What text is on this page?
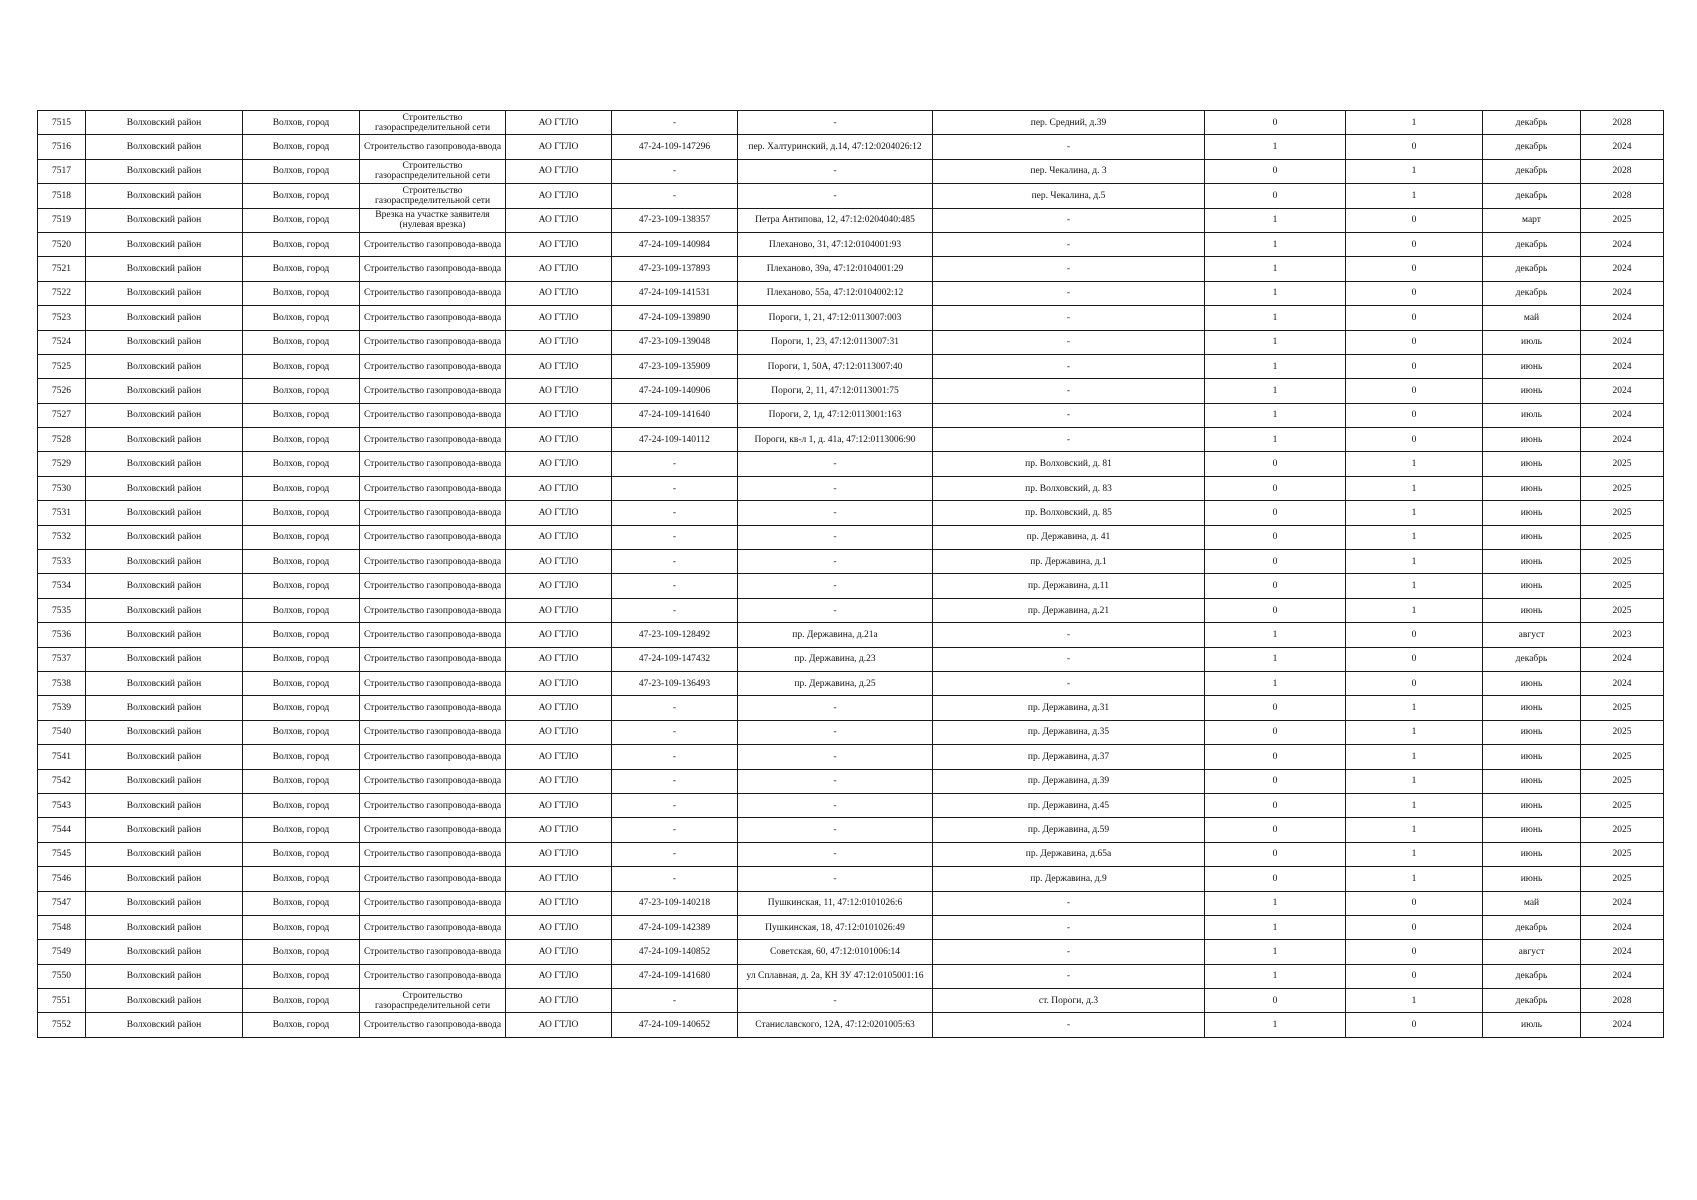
7515	Волховский район	Волхов, город	Строительство газораспределительной сети	АО ГТЛО	-	-	пер. Средний, д.39	0	1	декабрь	2028
7516	Волховский район	Волхов, город	Строительство газопровода-ввода	АО ГТЛО	47-24-109-147296	пер. Халтуринский, д.14, 47:12:0204026:12	-	1	0	декабрь	2024
7517	Волховский район	Волхов, город	Строительство газораспределительной сети	АО ГТЛО	-	-	пер. Чекалина, д. 3	0	1	декабрь	2028
7518	Волховский район	Волхов, город	Строительство газораспределительной сети	АО ГТЛО	-	-	пер. Чекалина, д.5	0	1	декабрь	2028
7519	Волховский район	Волхов, город	Врезка на участке заявителя (нулевая врезка)	АО ГТЛО	47-23-109-138357	Петра Антипова, 12, 47:12:0204040:485	-	1	0	март	2025
7520	Волховский район	Волхов, город	Строительство газопровода-ввода	АО ГТЛО	47-24-109-140984	Плеханово, 31, 47:12:0104001:93	-	1	0	декабрь	2024
7521	Волховский район	Волхов, город	Строительство газопровода-ввода	АО ГТЛО	47-23-109-137893	Плеханово, 39а, 47:12:0104001:29	-	1	0	декабрь	2024
7522	Волховский район	Волхов, город	Строительство газопровода-ввода	АО ГТЛО	47-24-109-141531	Плеханово, 55а, 47:12:0104002:12	-	1	0	декабрь	2024
7523	Волховский район	Волхов, город	Строительство газопровода-ввода	АО ГТЛО	47-24-109-139890	Пороги, 1, 21, 47:12:0113007:003	-	1	0	май	2024
7524	Волховский район	Волхов, город	Строительство газопровода-ввода	АО ГТЛО	47-23-109-139048	Пороги, 1, 23, 47:12:0113007:31	-	1	0	июль	2024
7525	Волховский район	Волхов, город	Строительство газопровода-ввода	АО ГТЛО	47-23-109-135909	Пороги, 1, 50А, 47:12:0113007:40	-	1	0	июнь	2024
7526	Волховский район	Волхов, город	Строительство газопровода-ввода	АО ГТЛО	47-24-109-140906	Пороги, 2, 11, 47:12:0113001:75	-	1	0	июнь	2024
7527	Волховский район	Волхов, город	Строительство газопровода-ввода	АО ГТЛО	47-24-109-141640	Пороги, 2, 1д, 47:12:0113001:163	-	1	0	июль	2024
7528	Волховский район	Волхов, город	Строительство газопровода-ввода	АО ГТЛО	47-24-109-140112	Пороги, кв-л 1, д. 41а, 47:12:0113006:90	-	1	0	июнь	2024
7529	Волховский район	Волхов, город	Строительство газопровода-ввода	АО ГТЛО	-	-	пр. Волховский, д. 81	0	1	июнь	2025
7530	Волховский район	Волхов, город	Строительство газопровода-ввода	АО ГТЛО	-	-	пр. Волховский, д. 83	0	1	июнь	2025
7531	Волховский район	Волхов, город	Строительство газопровода-ввода	АО ГТЛО	-	-	пр. Волховский, д. 85	0	1	июнь	2025
7532	Волховский район	Волхов, город	Строительство газопровода-ввода	АО ГТЛО	-	-	пр. Державина, д. 41	0	1	июнь	2025
7533	Волховский район	Волхов, город	Строительство газопровода-ввода	АО ГТЛО	-	-	пр. Державина, д.1	0	1	июнь	2025
7534	Волховский район	Волхов, город	Строительство газопровода-ввода	АО ГТЛО	-	-	пр. Державина, д.11	0	1	июнь	2025
7535	Волховский район	Волхов, город	Строительство газопровода-ввода	АО ГТЛО	-	-	пр. Державина, д.21	0	1	июнь	2025
7536	Волховский район	Волхов, город	Строительство газопровода-ввода	АО ГТЛО	47-23-109-128492	пр. Державина, д.21а	-	1	0	август	2023
7537	Волховский район	Волхов, город	Строительство газопровода-ввода	АО ГТЛО	47-24-109-147432	пр. Державина, д.23	-	1	0	декабрь	2024
7538	Волховский район	Волхов, город	Строительство газопровода-ввода	АО ГТЛО	47-23-109-136493	пр. Державина, д.25	-	1	0	июнь	2024
7539	Волховский район	Волхов, город	Строительство газопровода-ввода	АО ГТЛО	-	-	пр. Державина, д.31	0	1	июнь	2025
7540	Волховский район	Волхов, город	Строительство газопровода-ввода	АО ГТЛО	-	-	пр. Державина, д.35	0	1	июнь	2025
7541	Волховский район	Волхов, город	Строительство газопровода-ввода	АО ГТЛО	-	-	пр. Державина, д.37	0	1	июнь	2025
7542	Волховский район	Волхов, город	Строительство газопровода-ввода	АО ГТЛО	-	-	пр. Державина, д.39	0	1	июнь	2025
7543	Волховский район	Волхов, город	Строительство газопровода-ввода	АО ГТЛО	-	-	пр. Державина, д.45	0	1	июнь	2025
7544	Волховский район	Волхов, город	Строительство газопровода-ввода	АО ГТЛО	-	-	пр. Державина, д.59	0	1	июнь	2025
7545	Волховский район	Волхов, город	Строительство газопровода-ввода	АО ГТЛО	-	-	пр. Державина, д.65а	0	1	июнь	2025
7546	Волховский район	Волхов, город	Строительство газопровода-ввода	АО ГТЛО	-	-	пр. Державина, д.9	0	1	июнь	2025
7547	Волховский район	Волхов, город	Строительство газопровода-ввода	АО ГТЛО	47-23-109-140218	Пушкинская, 11, 47:12:0101026:6	-	1	0	май	2024
7548	Волховский район	Волхов, город	Строительство газопровода-ввода	АО ГТЛО	47-24-109-142389	Пушкинская, 18, 47:12:0101026:49	-	1	0	декабрь	2024
7549	Волховский район	Волхов, город	Строительство газопровода-ввода	АО ГТЛО	47-24-109-140852	Советская, 60, 47:12:0101006:14	-	1	0	август	2024
7550	Волховский район	Волхов, город	Строительство газопровода-ввода	АО ГТЛО	47-24-109-141680	ул Сплавная, д. 2а, КН ЗУ 47:12:0105001:16	-	1	0	декабрь	2024
7551	Волховский район	Волхов, город	Строительство газораспределительной сети	АО ГТЛО	-	-	ст. Пороги, д.3	0	1	декабрь	2028
7552	Волховский район	Волхов, город	Строительство газопровода-ввода	АО ГТЛО	47-24-109-140652	Станиславского, 12А, 47:12:0201005:63	-	1	0	июль	2024
